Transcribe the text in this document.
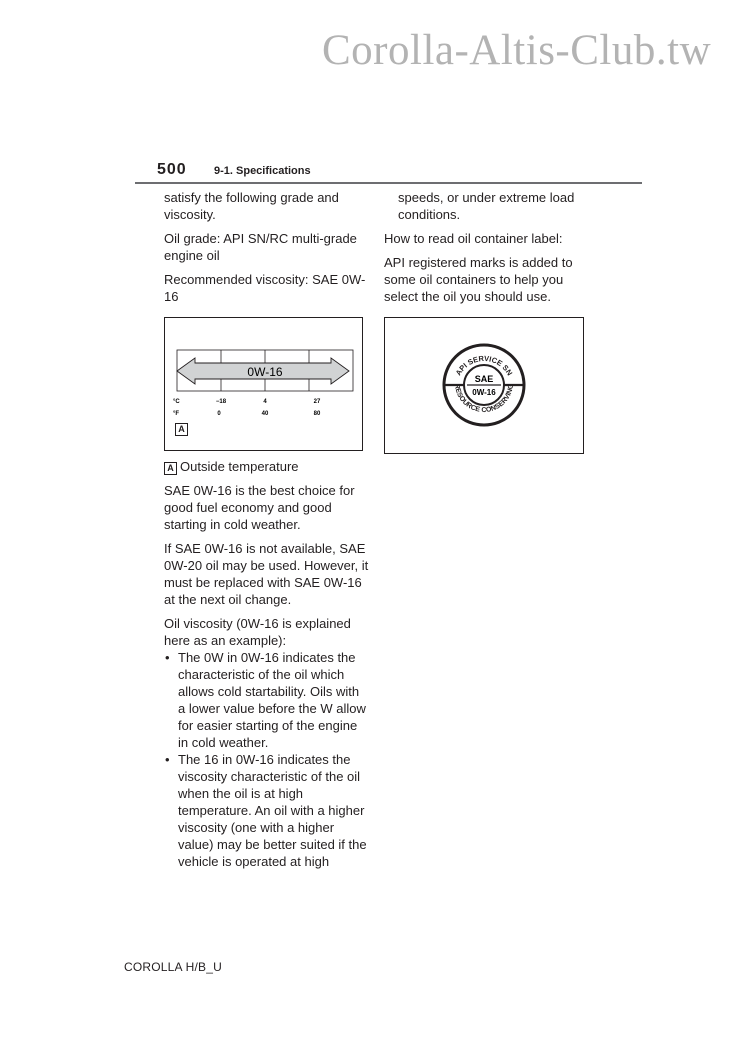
Corolla-Altis-Club.tw
500 9-1. Specifications

satisfy the following grade and viscosity.

Oil grade: API SN/RC multi-grade engine oil

Recommended viscosity: SAE 0W-16

0W-16
°C
°F
−18	4	27
0	40	80
A

A Outside temperature

SAE 0W-16 is the best choice for good fuel economy and good starting in cold weather.

If SAE 0W-16 is not available, SAE 0W-20 oil may be used. However, it must be replaced with SAE 0W-16 at the next oil change.

Oil viscosity (0W-16 is explained here as an example):

• The 0W in 0W-16 indicates the characteristic of the oil which allows cold startability. Oils with a lower value before the W allow for easier starting of the engine in cold weather.
• The 16 in 0W-16 indicates the viscosity characteristic of the oil when the oil is at high temperature. An oil with a higher viscosity (one with a higher value) may be better suited if the vehicle is operated at high

speeds, or under extreme load conditions.

How to read oil container label:

API registered marks is added to some oil containers to help you select the oil you should use.

API SERVICE SN
RESOURCE CONSERVING
SAE
0W-16
COROLLA H/B_U
